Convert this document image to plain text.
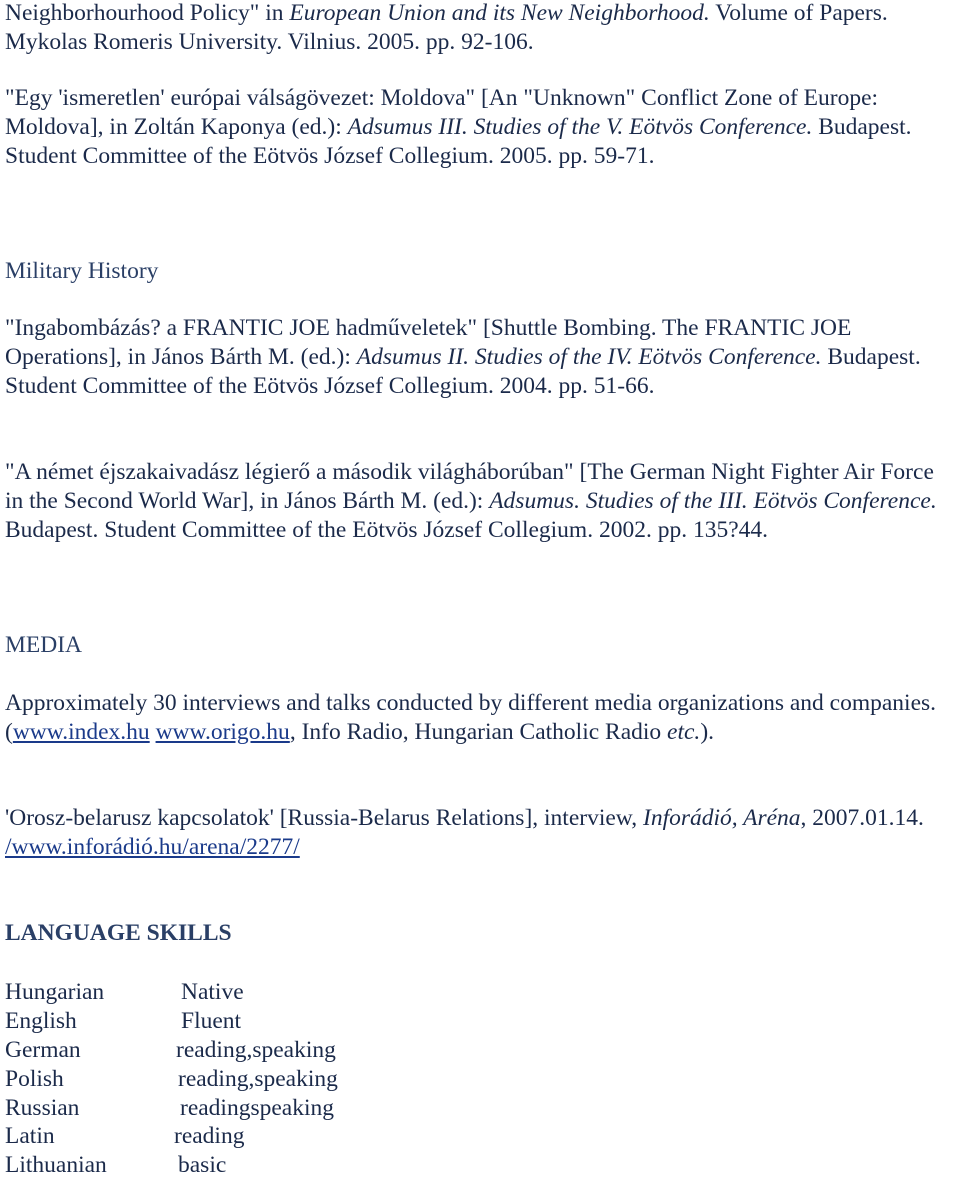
Neighborhourhood Policy" in European Union and its New Neighborhood. Volume of Papers. Mykolas Romeris University. Vilnius. 2005. pp. 92-106.

"Egy 'ismeretlen' európai válságövezet: Moldova" [An "Unknown" Conflict Zone of Europe: Moldova], in Zoltán Kaponya (ed.): Adsumus III. Studies of the V. Eötvös Conference. Budapest. Student Committee of the Eötvös József Collegium. 2005. pp. 59-71.

Military History

"Ingabombázás? a FRANTIC JOE hadműveletek" [Shuttle Bombing. The FRANTIC JOE Operations], in János Bárth M. (ed.): Adsumus II. Studies of the IV. Eötvös Conference. Budapest. Student Committee of the Eötvös József Collegium. 2004. pp. 51-66.

"A német éjszakaivadász légierő a második világháborúban" [The German Night Fighter Air Force in the Second World War], in János Bárth M. (ed.): Adsumus. Studies of the III. Eötvös Conference. Budapest. Student Committee of the Eötvös József Collegium. 2002. pp. 135?44.

MEDIA

Approximately 30 interviews and talks conducted by different media organizations and companies. (www.index.hu www.origo.hu, Info Radio, Hungarian Catholic Radio etc.).

'Orosz-belarusz kapcsolatok' [Russia-Belarus Relations], interview, Inforádió, Aréna, 2007.01.14. /www.inforádió.hu/arena/2277/

LANGUAGE SKILLS

Hungarian	Native
English	Fluent
German	reading,speaking
Polish	reading,speaking
Russian	readingspeaking
Latin	reading
Lithuanian	basic
